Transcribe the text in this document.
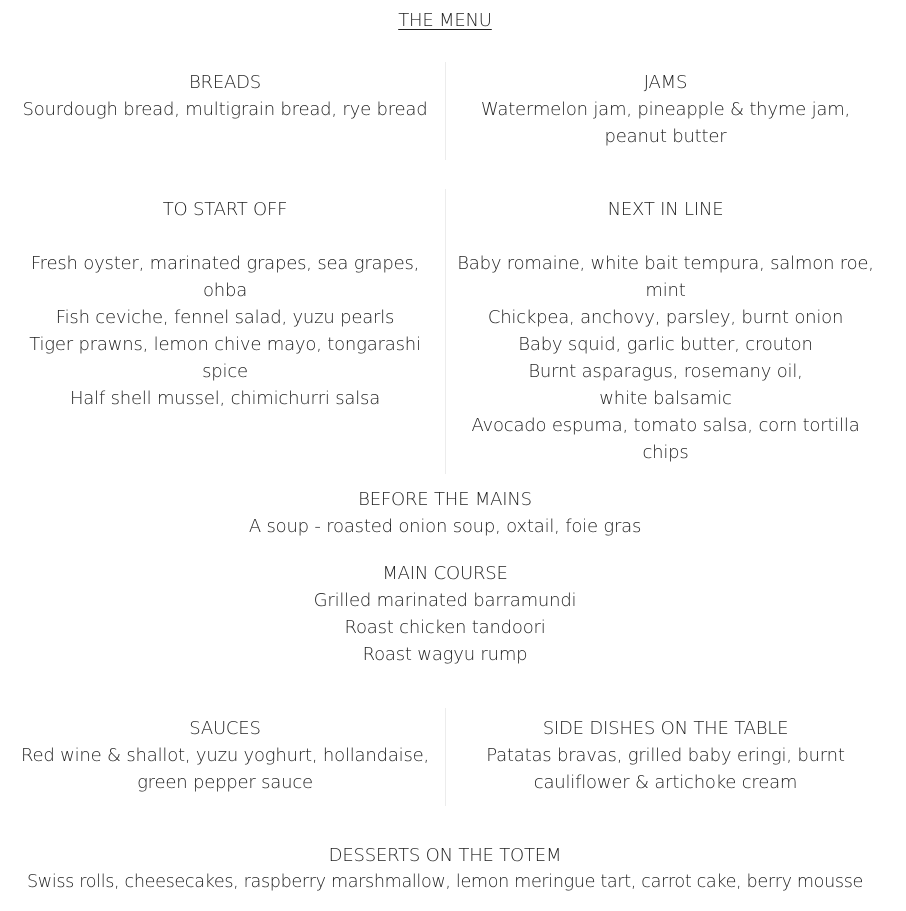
THE MENU
BREADS
Sourdough bread, multigrain bread, rye bread
JAMS
Watermelon jam, pineapple & thyme jam,
peanut butter
TO START OFF
Fresh oyster, marinated grapes, sea grapes,
ohba
Fish ceviche, fennel salad, yuzu pearls
Tiger prawns, lemon chive mayo, tongarashi
spice
Half shell mussel, chimichurri salsa
NEXT IN LINE
Baby romaine, white bait tempura, salmon roe,
mint
Chickpea, anchovy, parsley, burnt onion
Baby squid, garlic butter, crouton
Burnt asparagus, rosemany oil,
white balsamic
Avocado espuma, tomato salsa, corn tortilla
chips
BEFORE THE MAINS
A soup - roasted onion soup, oxtail, foie gras
MAIN COURSE
Grilled marinated barramundi
Roast chicken tandoori
Roast wagyu rump
SAUCES
Red wine & shallot, yuzu yoghurt, hollandaise,
green pepper sauce
SIDE DISHES ON THE TABLE
Patatas bravas, grilled baby eringi, burnt
cauliflower & artichoke cream
DESSERTS ON THE TOTEM
Swiss rolls, cheesecakes, raspberry marshmallow, lemon meringue tart, carrot cake, berry mousse
